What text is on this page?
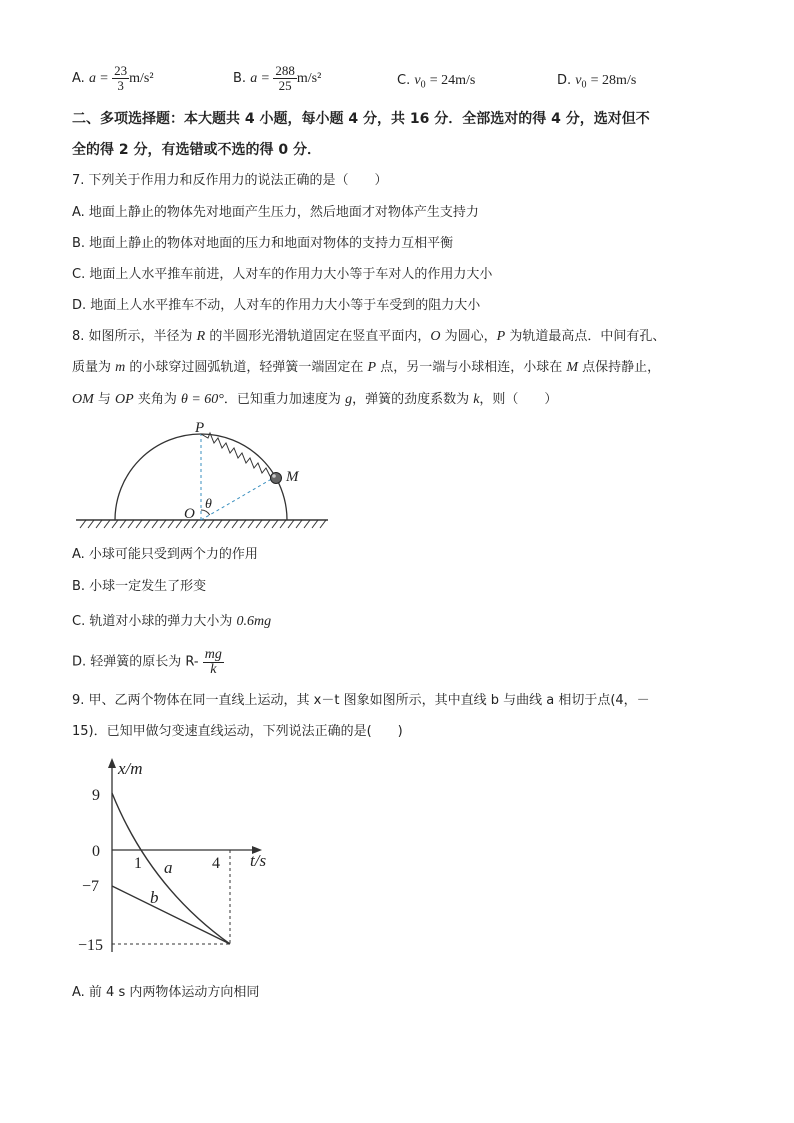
A. $a = \frac{23}{3} m/s^2$	B. $a = \frac{288}{25} m/s^2$	C. $v_0 = 24m/s$	D. $v_0 = 28m/s$
二、多项选择题：本大题共 4 小题，每小题 4 分，共 16 分．全部选对的得 4 分，选对但不
全的得 2 分，有选错或不选的得 0 分．
7. 下列关于作用力和反作用力的说法正确的是（　　）
A. 地面上静止的物体先对地面产生压力，然后地面才对物体产生支持力
B. 地面上静止的物体对地面的压力和地面对物体的支持力互相平衡
C. 地面上人水平推车前进，人对车的作用力大小等于车对人的作用力大小
D. 地面上人水平推车不动，人对车的作用力大小等于车受到的阻力大小
8. 如图所示，半径为 R 的半圆形光滑轨道固定在竖直平面内，O 为圆心，P 为轨道最高点．中间有孔、
质量为 m 的小球穿过圆弧轨道，轻弹簧一端固定在 P 点，另一端与小球相连，小球在 M 点保持静止，
OM 与 OP 夹角为 θ = 60°．已知重力加速度为 g，弹簧的劲度系数为 k，则（　　）
P
M
O
θ
A. 小球可能只受到两个力的作用
B. 小球一定发生了形变
C. 轨道对小球的弹力大小为 0.6mg
D. 轻弹簧的原长为 $R- \frac{mg}{k}$
9. 甲、乙两个物体在同一直线上运动，其 x－t 图象如图所示，其中直线 b 与曲线 a 相切于点(4，－
15)．已知甲做匀变速直线运动，下列说法正确的是(　　)
x/m
t/s
9
0
−7
−15
1	4
a
b
A. 前 4 s 内两物体运动方向相同
